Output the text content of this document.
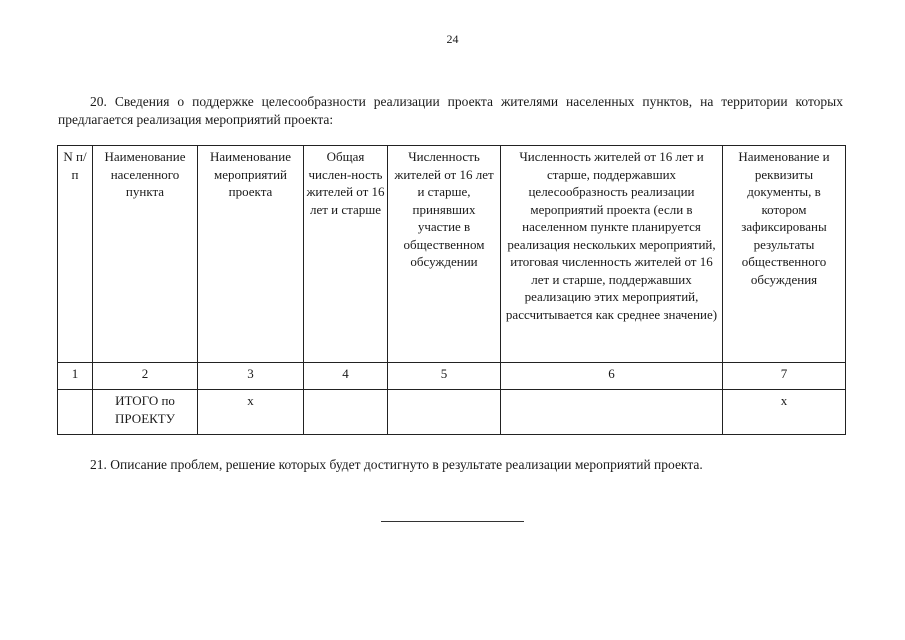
24

20. Сведения о поддержке целесообразности реализации проекта жителями населенных пунктов, на территории которых предлагается реализация мероприятий проекта:

N п/п	Наименование населенного пункта	Наименование мероприятий проекта	Общая числен-ность жителей от 16 лет и старше	Численность жителей от 16 лет и старше, принявших участие в общественном обсуждении	Численность жителей от 16 лет и старше, поддержавших целесообразность реализации мероприятий проекта (если в населенном пункте планируется реализация нескольких мероприятий, итоговая численность жителей от 16 лет и старше, поддержавших реализацию этих мероприятий, рассчитывается как среднее значение)	Наименование и реквизиты документы, в котором зафиксированы результаты общественного обсуждения
1	2	3	4	5	6	7
	ИТОГО по ПРОЕКТУ	x				x

21. Описание проблем, решение которых будет достигнуто в результате реализации мероприятий проекта.
